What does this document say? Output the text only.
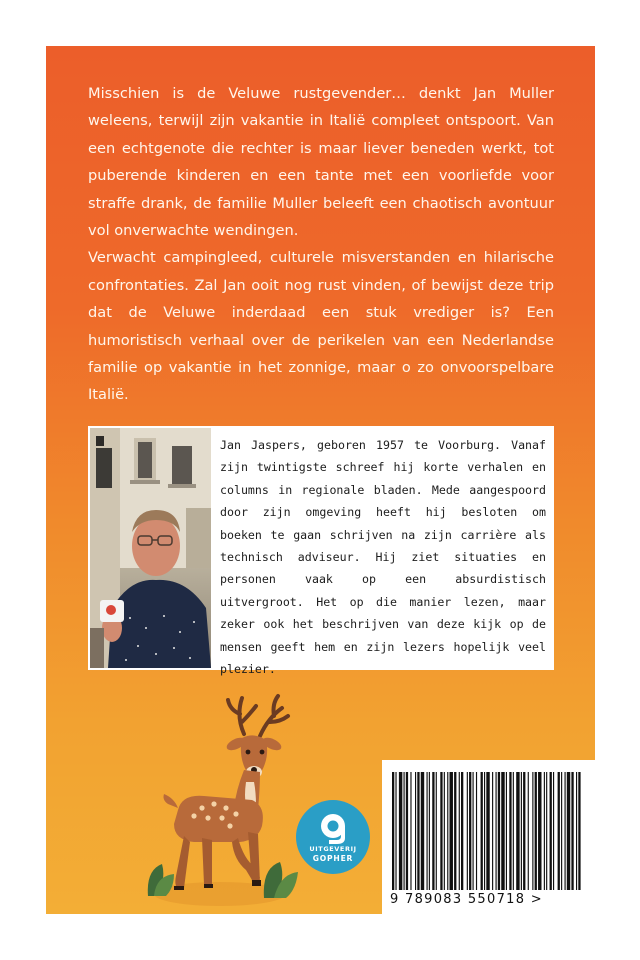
Misschien is de Veluwe rustgevender… denkt Jan Muller weleens, terwijl zijn vakantie in Italië compleet ontspoort. Van een echtgenote die rechter is maar liever beneden werkt, tot puberende kinderen en een tante met een voorliefde voor straffe drank, de familie Muller beleeft een chaotisch avontuur vol onverwachte wendingen.

Verwacht campingleed, culturele misverstanden en hilarische confrontaties. Zal Jan ooit nog rust vinden, of bewijst deze trip dat de Veluwe inderdaad een stuk vrediger is? Een humoristisch verhaal over de perikelen van een Nederlandse familie op vakantie in het zonnige, maar o zo onvoorspelbare Italië.

Jan Jaspers, geboren 1957 te Voorburg. Vanaf zijn twintigste schreef hij korte verhalen en columns in regionale bladen. Mede aangespoord door zijn omgeving heeft hij besloten om boeken te gaan schrijven na zijn carrière als technisch adviseur. Hij ziet situaties en personen vaak op een absurdistisch uitvergroot. Het op die manier lezen, maar zeker ook het beschrijven van deze kijk op de mensen geeft hem en zijn lezers hopelijk veel plezier.

UITGEVERIJ
GOPHER
9 789083 550718 >
